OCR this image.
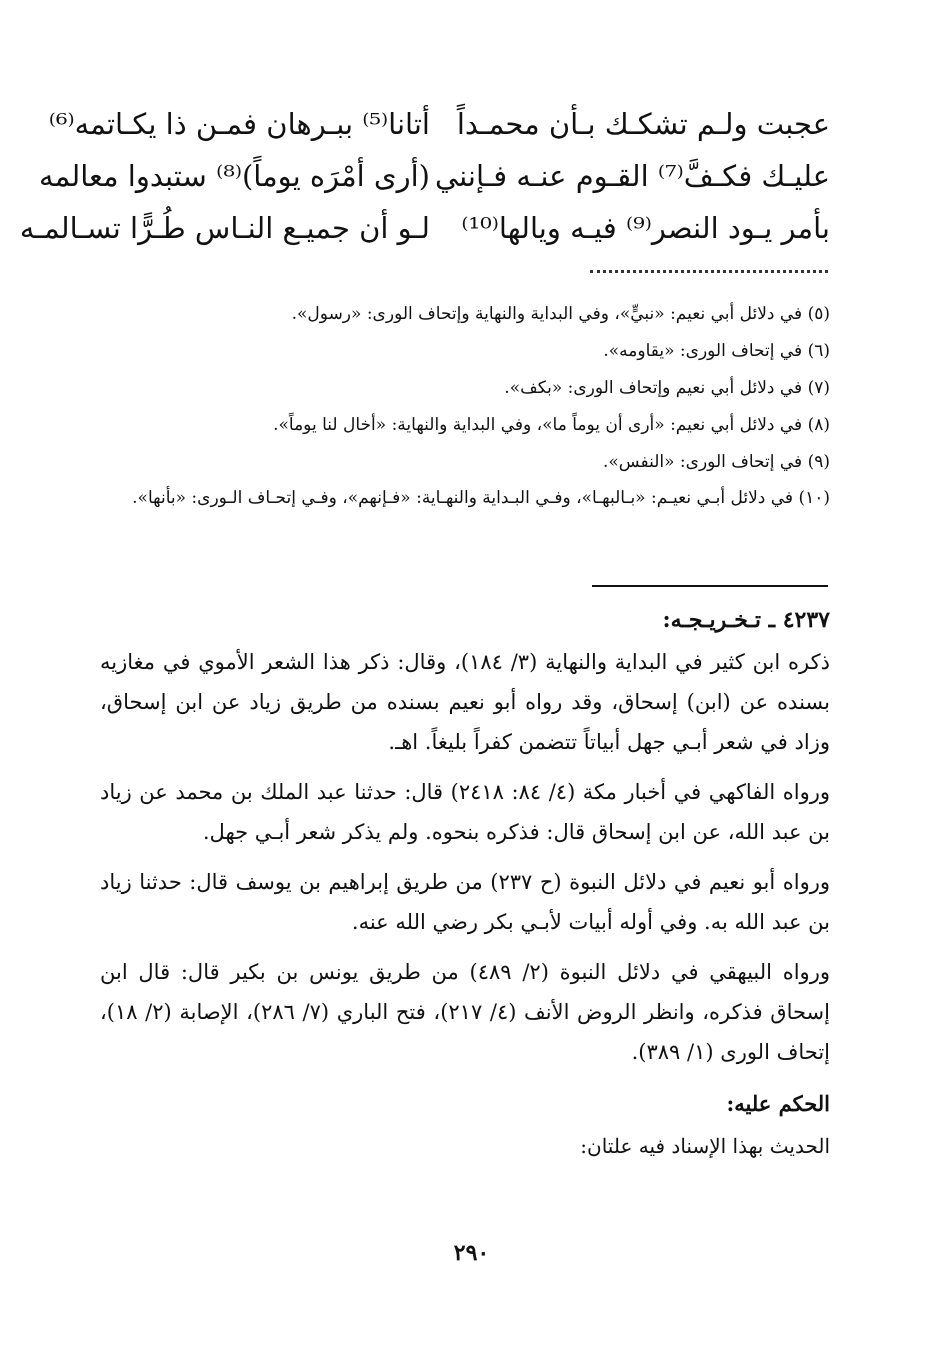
عجبت ولـم تشكـك بـأن محمـداً
أتانا⁽⁵⁾ ببـرهان فمـن ذا يكـاتمه⁽⁶⁾
عليـك فكـفَّ⁽⁷⁾ القـوم عنـه فـإنني
(أرى أمْرَه يوماً)⁽⁸⁾ ستبدوا معالمه
بأمر يـود النصر⁽⁹⁾ فيـه ويالها⁽¹⁰⁾
لـو أن جميـع النـاس طُـرًّا تسـالمـه
(٥) في دلائل أبي نعيم: «نبيٍّ»، وفي البداية والنهاية وإتحاف الورى: «رسول».
(٦) في إتحاف الورى: «يقاومه».
(٧) في دلائل أبي نعيم وإتحاف الورى: «بكف».
(٨) في دلائل أبي نعيم: «أرى أن يوماً ما»، وفي البداية والنهاية: «أخال لنا يوماً».
(٩) في إتحاف الورى: «النفس».
(١٠) في دلائل أبـي نعيـم: «بـالبهـا»، وفـي البـداية والنهـاية: «فـإنهم»، وفـي إتحـاف الـورى: «بأنها».
٤٢٣٧ ـ تـخـريـجـه:

ذكره ابن كثير في البداية والنهاية (٣/ ١٨٤)، وقال: ذكر هذا الشعر الأموي في مغازيه بسنده عن (ابن) إسحاق، وقد رواه أبو نعيم بسنده من طريق زياد عن ابن إسحاق، وزاد في شعر أبـي جهل أبياتاً تتضمن كفراً بليغاً. اهـ.

ورواه الفاكهي في أخبار مكة (٤/ ٨٤: ٢٤١٨) قال: حدثنا عبد الملك بن محمد عن زياد بن عبد الله، عن ابن إسحاق قال: فذكره بنحوه. ولم يذكر شعر أبـي جهل.

ورواه أبو نعيم في دلائل النبوة (ح ٢٣٧) من طريق إبراهيم بن يوسف قال: حدثنا زياد بن عبد الله به. وفي أوله أبيات لأبـي بكر رضي الله عنه.

ورواه البيهقي في دلائل النبوة (٢/ ٤٨٩) من طريق يونس بن بكير قال: قال ابن إسحاق فذكره، وانظر الروض الأنف (٤/ ٢١٧)، فتح الباري (٧/ ٢٨٦)، الإصابة (٢/ ١٨)، إتحاف الورى (١/ ٣٨٩).

الحكم عليه:
الحديث بهذا الإسناد فيه علتان:
٢٩٠
